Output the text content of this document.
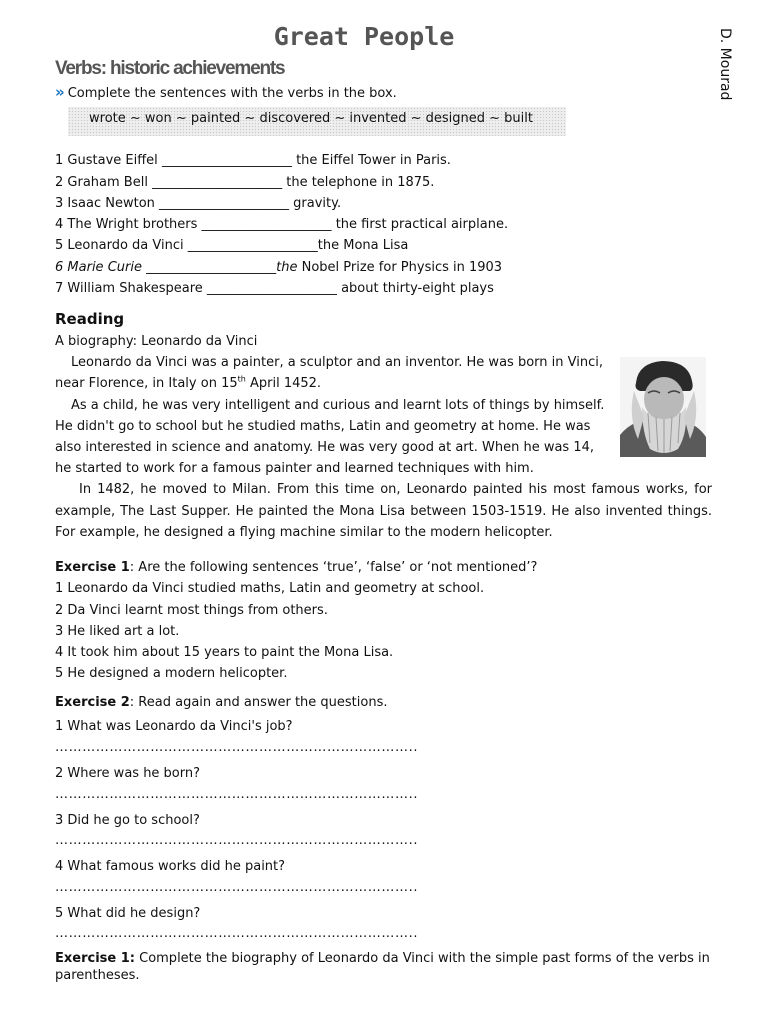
Great People	D. Mourad
Verbs: historic achievements
» Complete the sentences with the verbs in the box.
wrote ~ won ~ painted ~ discovered ~ invented ~ designed ~ built
1 Gustave Eiffel ____________________ the Eiffel Tower in Paris.
2 Graham Bell ____________________ the telephone in 1875.
3 Isaac Newton ____________________ gravity.
4 The Wright brothers ____________________ the first practical airplane.
5 Leonardo da Vinci ____________________the Mona Lisa
6 Marie Curie ____________________the Nobel Prize for Physics in 1903
7 William Shakespeare ____________________ about thirty-eight plays
Reading
A biography: Leonardo da Vinci
Leonardo da Vinci was a painter, a sculptor and an inventor. He was born in Vinci,
near Florence, in Italy on 15th April 1452.
As a child, he was very intelligent and curious and learnt lots of things by himself.
He didn't go to school but he studied maths, Latin and geometry at home. He was
also interested in science and anatomy. He was very good at art. When he was 14,
he started to work for a famous painter and learned techniques with him.
In 1482, he moved to Milan. From this time on, Leonardo painted his most famous works, for
example, The Last Supper. He painted the Mona Lisa between 1503-1519. He also invented things.
For example, he designed a flying machine similar to the modern helicopter.
Exercise 1: Are the following sentences ‘true’, ‘false’ or ‘not mentioned’?
1 Leonardo da Vinci studied maths, Latin and geometry at school.
2 Da Vinci learnt most things from others.
3 He liked art a lot.
4 It took him about 15 years to paint the Mona Lisa.
5 He designed a modern helicopter.
Exercise 2: Read again and answer the questions.
1 What was Leonardo da Vinci's job?
……………………………………………………………………..
2 Where was he born?
……………………………………………………………………..
3 Did he go to school?
……………………………………………………………………..
4 What famous works did he paint?
……………………………………………………………………..
5 What did he design?
……………………………………………………………………..
Exercise 1: Complete the biography of Leonardo da Vinci with the simple past forms of the verbs in parentheses.
